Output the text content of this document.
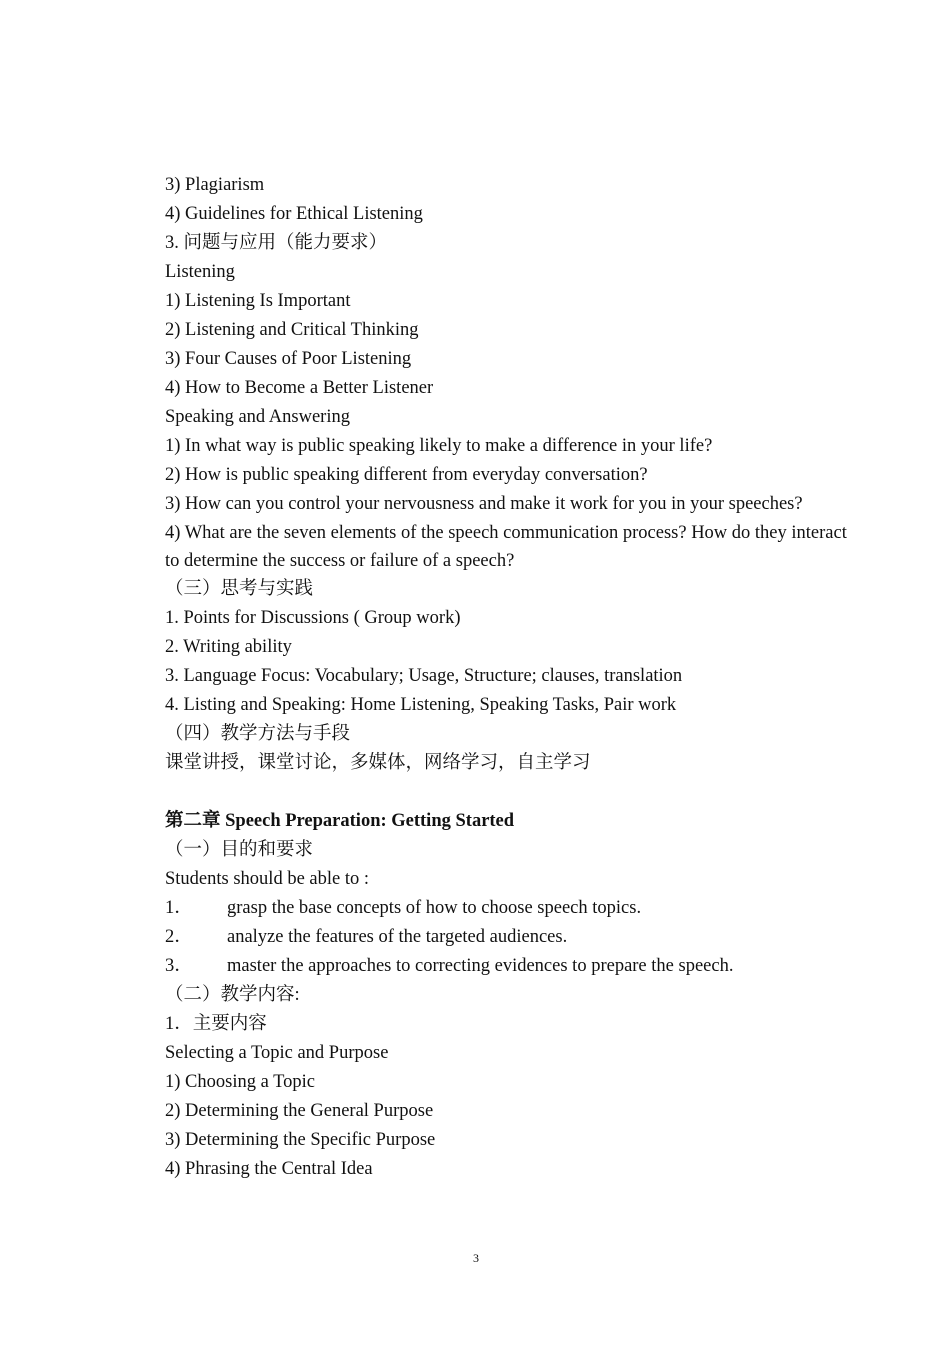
3) Plagiarism
4) Guidelines for Ethical Listening
3. 问题与应用（能力要求）
Listening
1) Listening Is Important
2) Listening and Critical Thinking
3) Four Causes of Poor Listening
4) How to Become a Better Listener
Speaking and Answering
1) In what way is public speaking likely to make a difference in your life?
2) How is public speaking different from everyday conversation?
3) How can you control your nervousness and make it work for you in your speeches?
4) What are the seven elements of the speech communication process? How do they interact to determine the success or failure of a speech?
（三）思考与实践
1. Points for Discussions ( Group work)
2. Writing ability
3. Language Focus: Vocabulary; Usage, Structure; clauses, translation
4. Listing and Speaking: Home Listening, Speaking Tasks, Pair work
（四）教学方法与手段
课堂讲授，课堂讨论，多媒体，网络学习，自主学习
第二章 Speech Preparation: Getting Started
（一）目的和要求
Students should be able to :
1．	grasp the base concepts of how to choose speech topics.
2．	analyze the features of the targeted audiences.
3．	master the approaches to correcting evidences to prepare the speech.
（二）教学内容:
1．主要内容
Selecting a Topic and Purpose
1) Choosing a Topic
2) Determining the General Purpose
3) Determining the Specific Purpose
4) Phrasing the Central Idea
3
